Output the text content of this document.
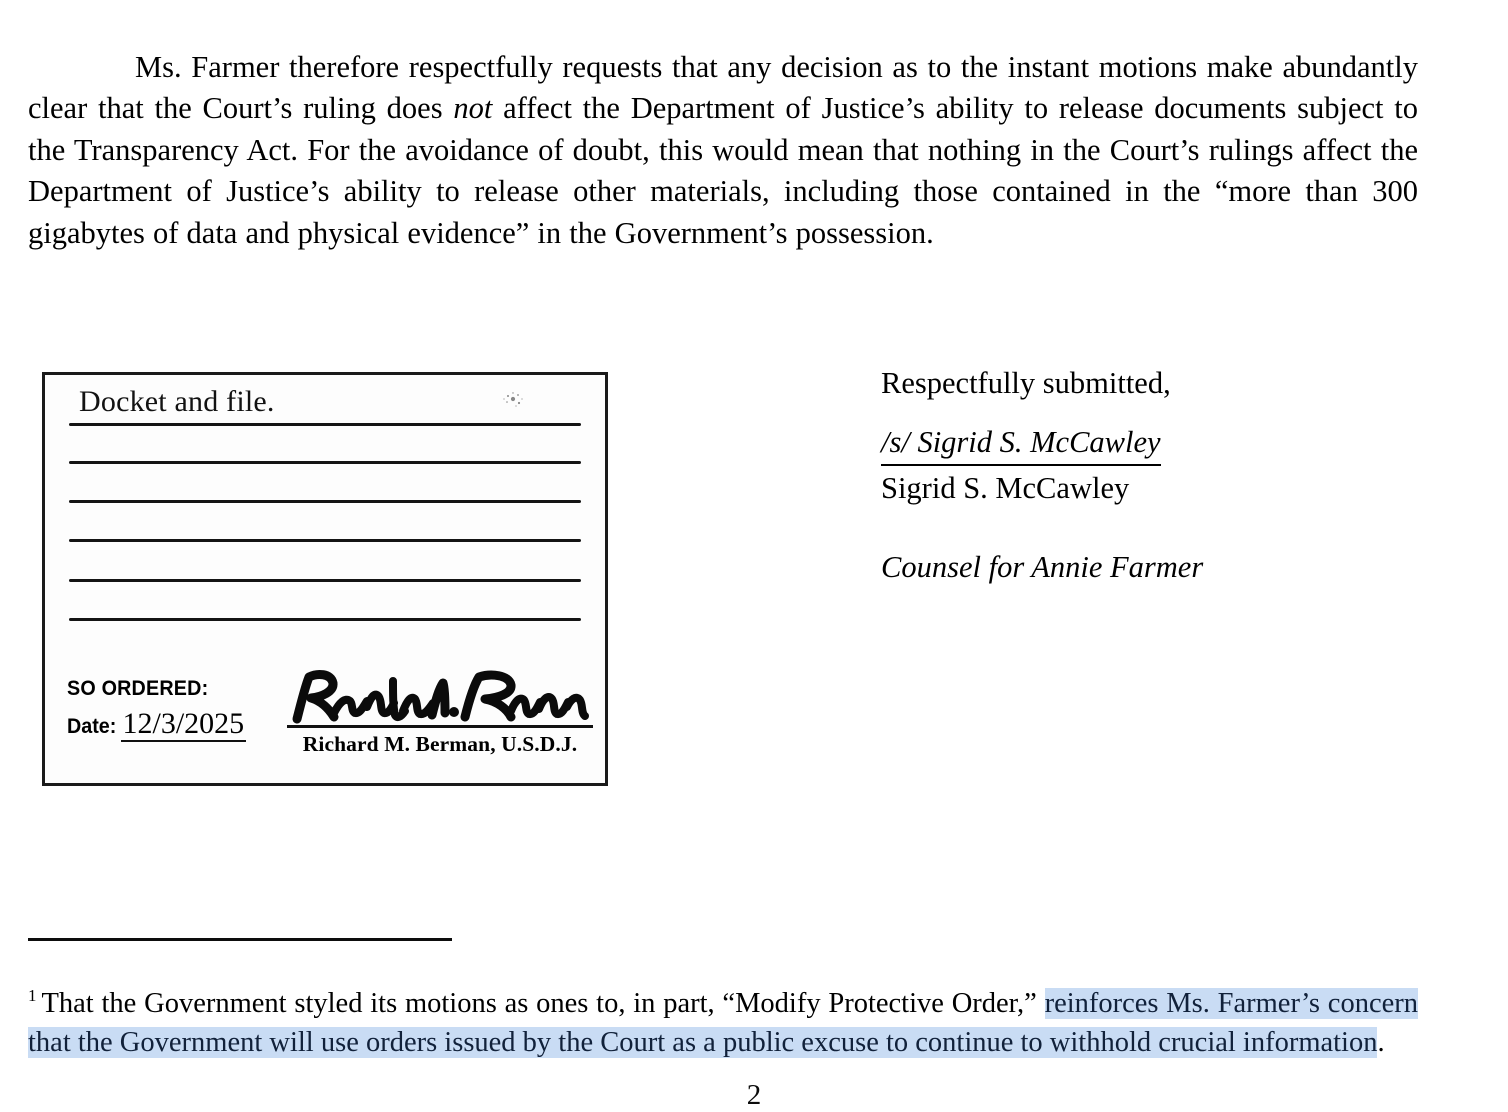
Ms. Farmer therefore respectfully requests that any decision as to the instant motions make abundantly clear that the Court’s ruling does not affect the Department of Justice’s ability to release documents subject to the Transparency Act. For the avoidance of doubt, this would mean that nothing in the Court’s rulings affect the Department of Justice’s ability to release other materials, including those contained in the “more than 300 gigabytes of data and physical evidence” in the Government’s possession.

Docket and file.
SO ORDERED:
Date: 12/3/2025
Richard M. Berman, U.S.D.J.
Respectfully submitted,
/s/ Sigrid S. McCawley
Sigrid S. McCawley
Counsel for Annie Farmer

$^1$ That the Government styled its motions as ones to, in part, “Modify Protective Order,” reinforces Ms. Farmer’s concern that the Government will use orders issued by the Court as a public excuse to continue to withhold crucial information.

2
